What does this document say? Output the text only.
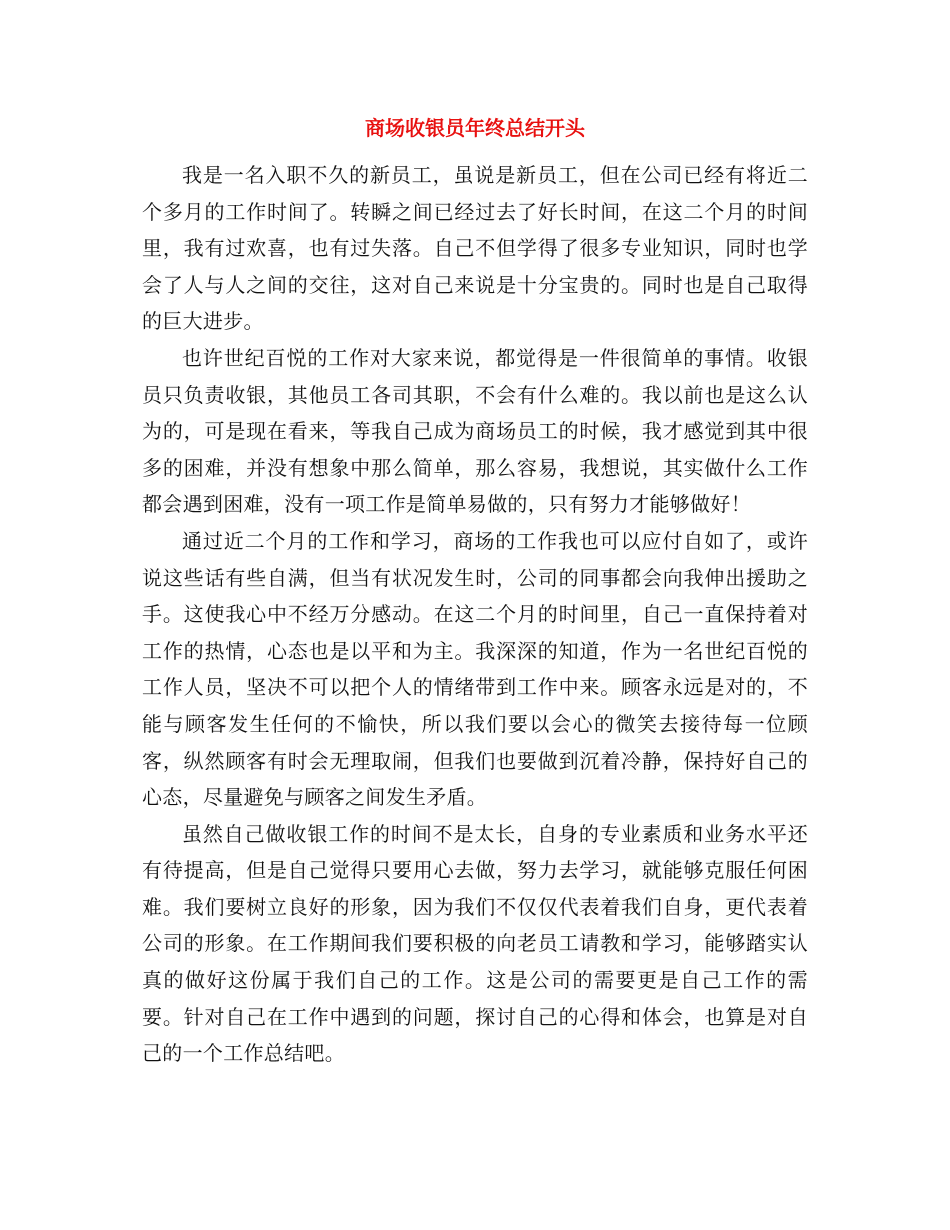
商场收银员年终总结开头

我是一名入职不久的新员工，虽说是新员工，但在公司已经有将近二个多月的工作时间了。转瞬之间已经过去了好长时间，在这二个月的时间里，我有过欢喜，也有过失落。自己不但学得了很多专业知识，同时也学会了人与人之间的交往，这对自己来说是十分宝贵的。同时也是自己取得的巨大进步。

也许世纪百悦的工作对大家来说，都觉得是一件很简单的事情。收银员只负责收银，其他员工各司其职，不会有什么难的。我以前也是这么认为的，可是现在看来，等我自己成为商场员工的时候，我才感觉到其中很多的困难，并没有想象中那么简单，那么容易，我想说，其实做什么工作都会遇到困难，没有一项工作是简单易做的，只有努力才能够做好！

通过近二个月的工作和学习，商场的工作我也可以应付自如了，或许说这些话有些自满，但当有状况发生时，公司的同事都会向我伸出援助之手。这使我心中不经万分感动。在这二个月的时间里，自己一直保持着对工作的热情，心态也是以平和为主。我深深的知道，作为一名世纪百悦的工作人员，坚决不可以把个人的情绪带到工作中来。顾客永远是对的，不能与顾客发生任何的不愉快，所以我们要以会心的微笑去接待每一位顾客，纵然顾客有时会无理取闹，但我们也要做到沉着冷静，保持好自己的心态，尽量避免与顾客之间发生矛盾。

虽然自己做收银工作的时间不是太长，自身的专业素质和业务水平还有待提高，但是自己觉得只要用心去做，努力去学习，就能够克服任何困难。我们要树立良好的形象，因为我们不仅仅代表着我们自身，更代表着公司的形象。在工作期间我们要积极的向老员工请教和学习，能够踏实认真的做好这份属于我们自己的工作。这是公司的需要更是自己工作的需要。针对自己在工作中遇到的问题，探讨自己的心得和体会，也算是对自己的一个工作总结吧。
